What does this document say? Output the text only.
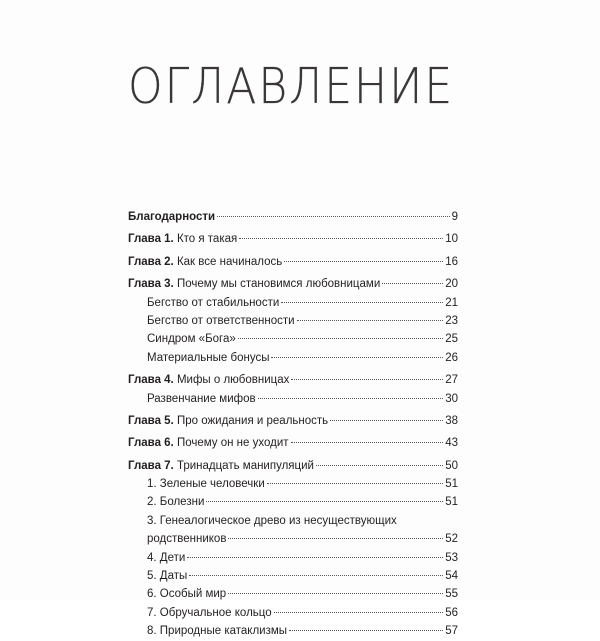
ОГЛАВЛЕНИЕ
Благодарности	9
Глава 1. Кто я такая	10
Глава 2. Как все начиналось	16
Глава 3. Почему мы становимся любовницами	20
Бегство от стабильности	21
Бегство от ответственности	23
Синдром «Бога»	25
Материальные бонусы	26
Глава 4. Мифы о любовницах	27
Развенчание мифов	30
Глава 5. Про ожидания и реальность	38
Глава 6. Почему он не уходит	43
Глава 7. Тринадцать манипуляций	50
1. Зеленые человечки	51
2. Болезни	51
3. Генеалогическое древо из несуществующих
родственников	52
4. Дети	53
5. Даты	54
6. Особый мир	55
7. Обручальное кольцо	56
8. Природные катаклизмы	57
